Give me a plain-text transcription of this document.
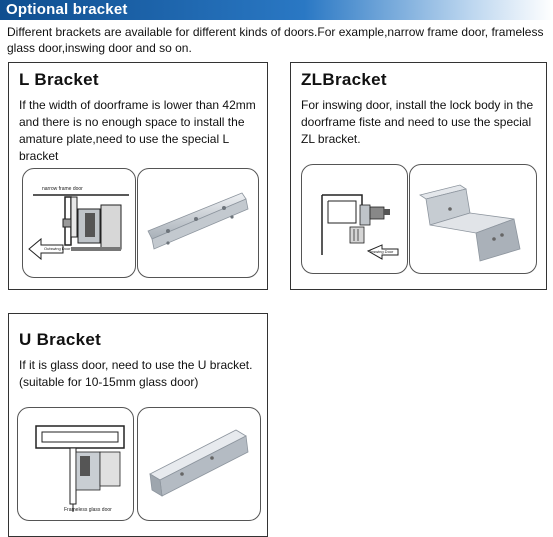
Optional bracket
Different brackets are available for different kinds of doors.For example,narrow frame door, frameless glass door,inswing door and so on.
L Bracket
If the width of doorframe is lower than 42mm and there is no enough space to install the amature plate,need to use the special L bracket
narrow frame door
Outswing Door
ZLBracket
For inswing door, install the lock body in the doorframe fiste and need to use the special ZL bracket.
Inswing Door
U Bracket
If it is glass door, need to use the U bracket. (suitable for 10-15mm glass door)
Frameless glass door
